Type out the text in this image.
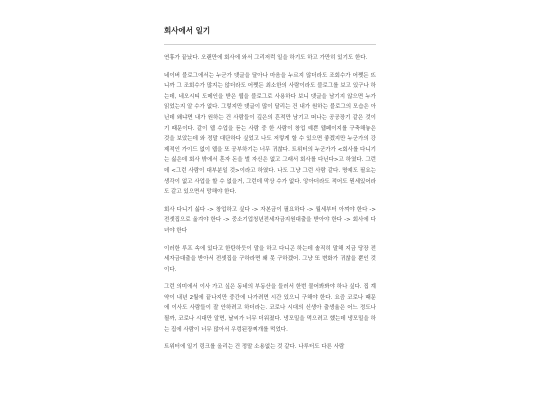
회사에서 일기

연휴가 끝났다. 오랜만에 회사에 와서 그리저럭 일을 하기도 하고 가만히 있기도 한다.

네이버 블로그에서는 누군가 댓글을 달아나 마음을 누르지 않더라도 조회수가 어쨋든 뜨니까 그 조회수가 많지는 않더라도 어쨋든 최소한의 사람이라도 블로그를 보고 있구나 하는데, 네오시티 도메인을 받은 웹을 블로그로 사용하다 보니 댓글을 남기지 않으면 누가 읽었는지 알 수가 없다. 그렇지만 댓글이 많이 달리는 건 내가 원하는 블로그의 모습은 아닌데 왜냐면 내가 원하는 건 사람들이 깊은의 흔적만 남기고 떠나는 공공장기 같은 것이기 때문이다. 같이 웹 수업을 듣는 사람 중 한 사람이 창업 예쁜 웹페이지를 구축해놓은 것을 보았는데 와 정말 대단하다 싶었고 나도 저렇게 할 수 있으면 좋겠지만 누군가의 강제적인 가이드 없이 웹을 또 공부하기는 너무 귀찮다. 트위터의 누군가가 <회사를 다니기는 싫은데 회사 밖에서 혼자 돈을 벌 자신은 없고 그래서 회사를 다닌다>고 하였다. 그런데 <그런 사람이 대부분일 것>이라고 하였다. 나도 그냥 그런 사람 같다. 명예도 필요는 생각이 없고 사업을 할 수 없을거, 그런데 막상 수가 없다. 앙아더라도 적어도 뭔세있어라도 같고 있으면서 망해야 한다.

회사 다니기 싫다 -> 창업하고 싶다 -> 자본금이 필요하다 -> 월세부터 아껴야 한다 -> 전셋집으로 옮겨야 한다 -> 중소기업청년전세자금지원대출을 받아야 한다 -> 회사에 다녀야 한다

이러한 루프 속에 있다고 한탄하듯이 말을 하고 다니곤 하는데 솔직히 말해 지금 당장 전세자금대출을 받아서 전셋집을 구하라면 왜 못 구하겠어. 그냥 또 변화가 귀찮을 뿐인 것이다.

그런 의미에서 이사 가고 싶은 동네의 부동산을 들러서 한번 물어봐봐야 하나 싶다. 집 계약이 내년 2월에 끝나지만 중간에 나가려면 시간 있으니 구해야 한다. 요즘 코로나 때문에 이사도 사람들이 잘 안하려고 하더라는. 코로나 시대의 신생아 출생율은 어느 정도나 될까, 코로나 시대만 알면, 날씨가 너무 더워졌다. 냉모밀을 먹으려고 했는데 냉모밀을 하는 집에 사람이 너무 많아서 우렁된장찌개를 먹었다.

트위터에 일기 링크를 올리는 건 정말 소용없는 것 같다. 나루터도 다른 사람
